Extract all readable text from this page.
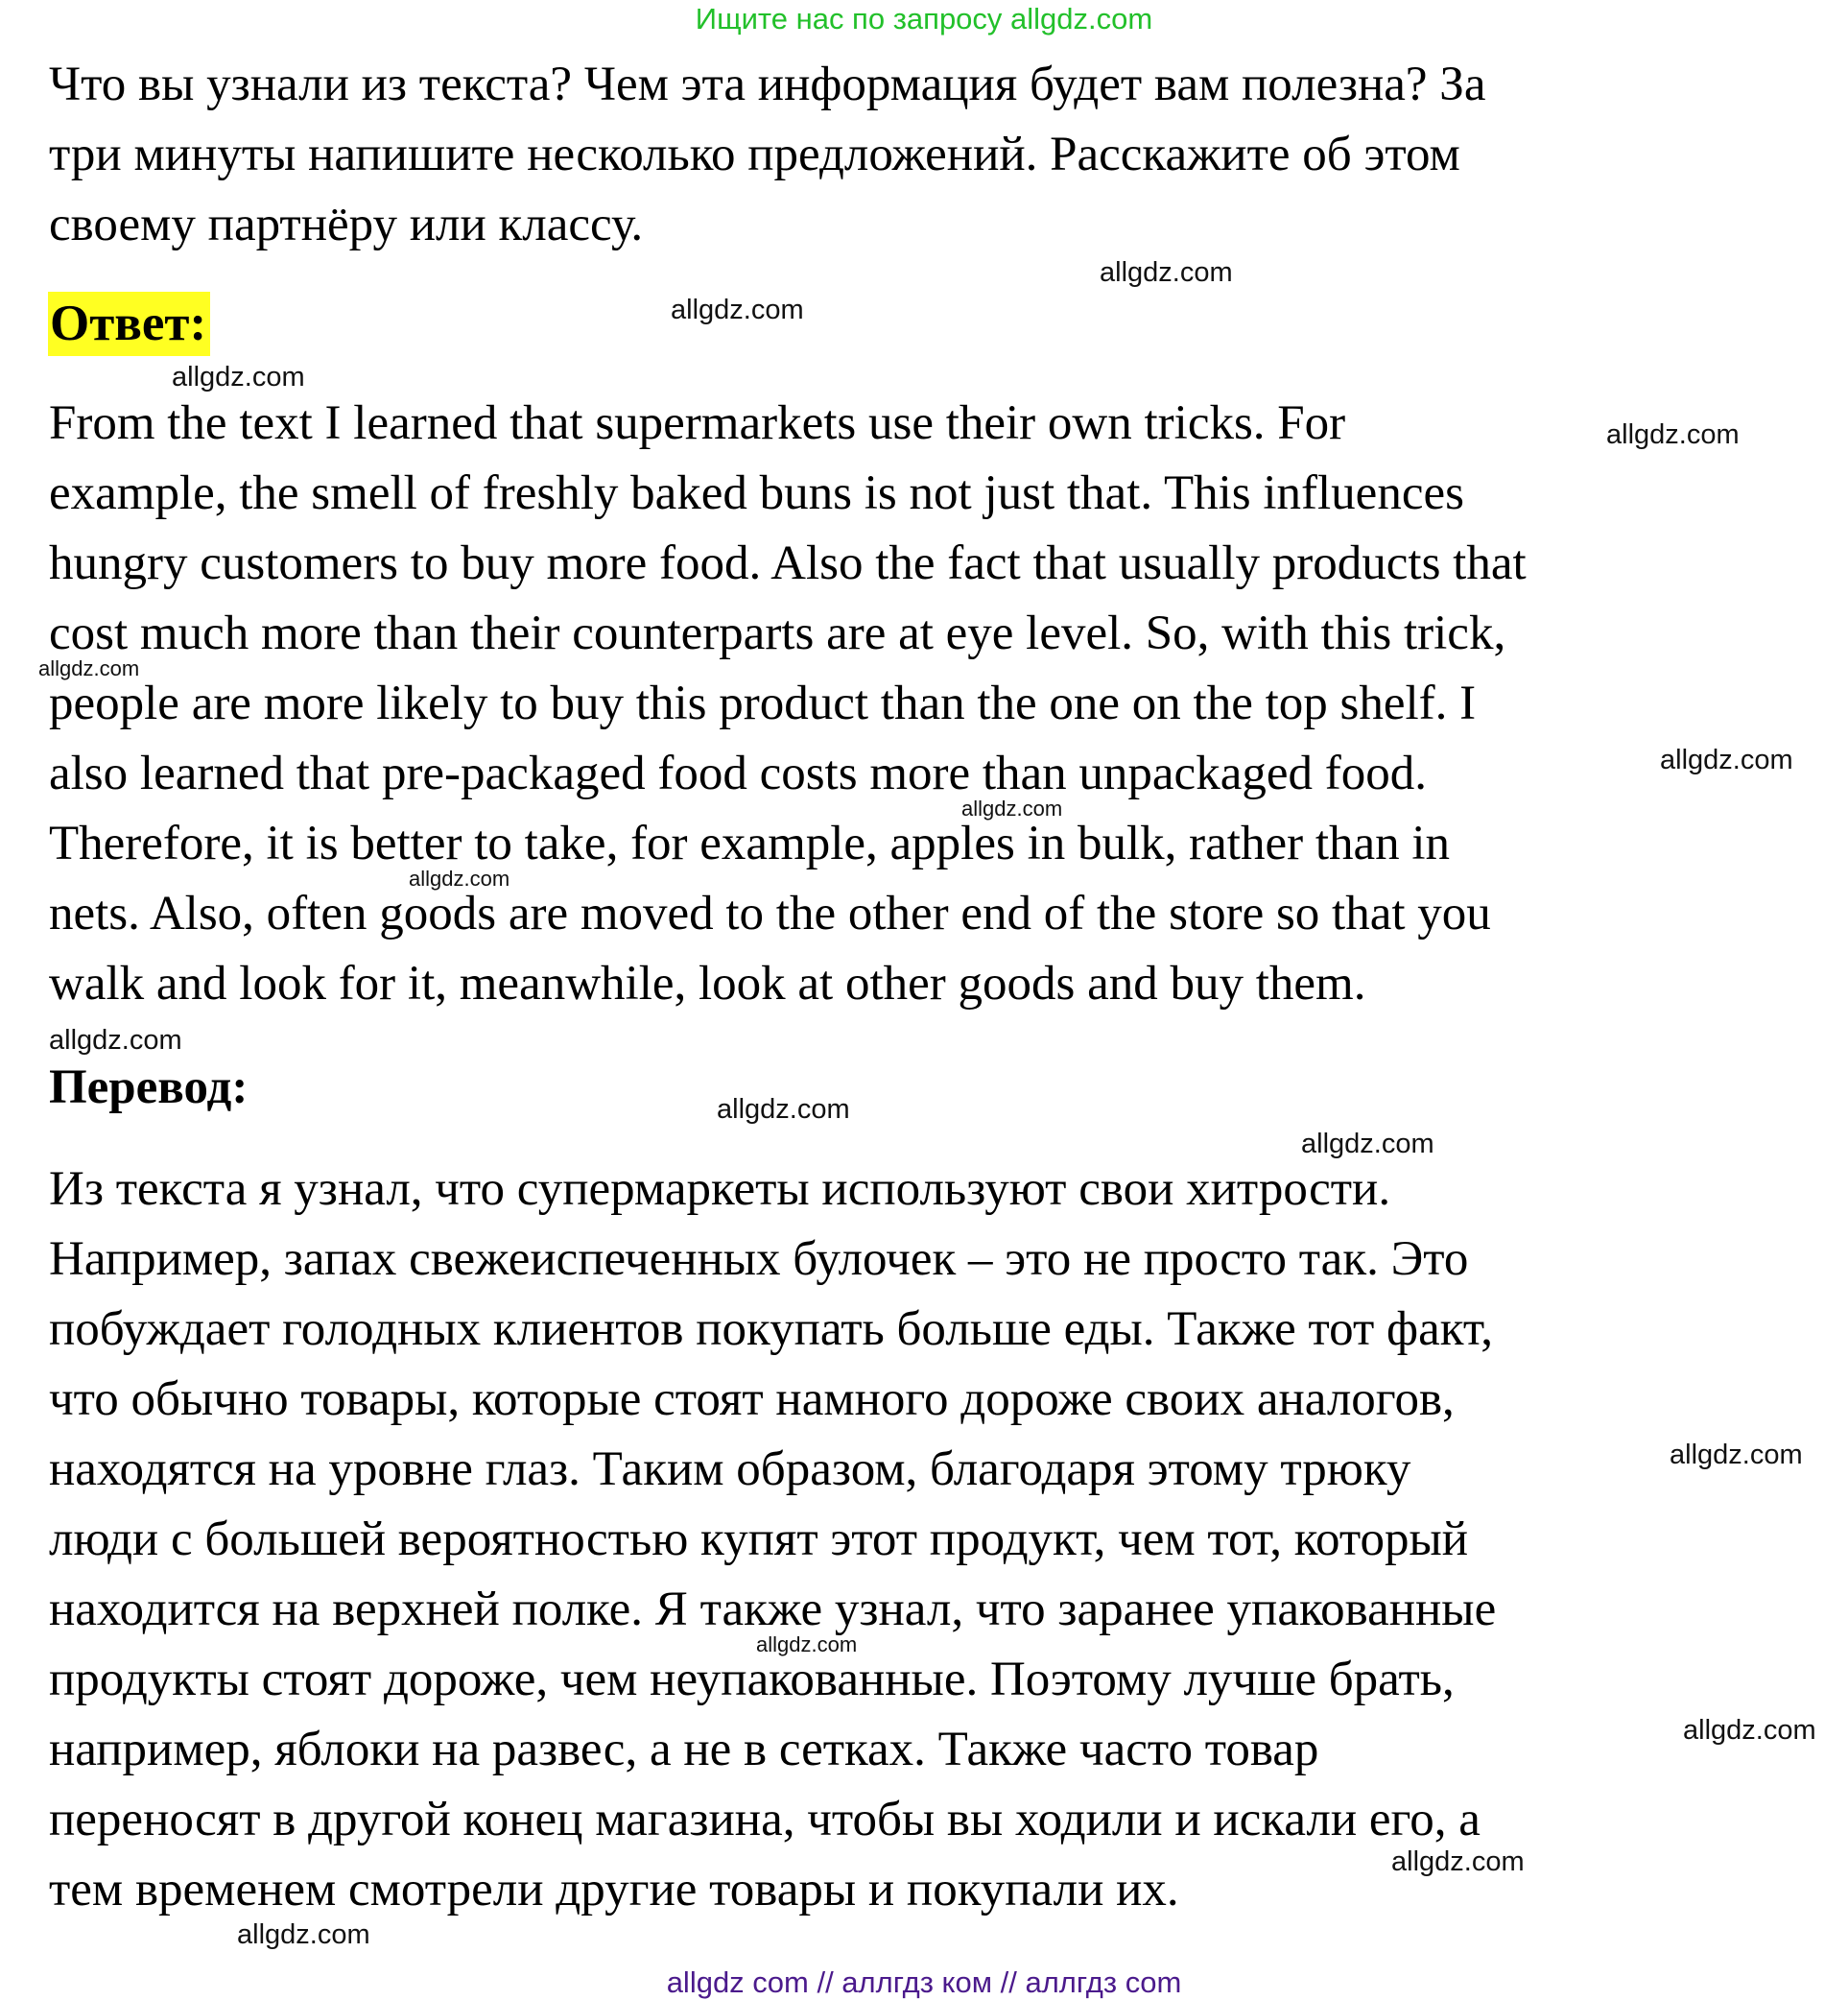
Ищите нас по запросу allgdz.com
Что вы узнали из текста? Чем эта информация будет вам полезна? За
три минуты напишите несколько предложений. Расскажите об этом
своему партнёру или классу.
Ответ:
From the text I learned that supermarkets use their own tricks. For
example, the smell of freshly baked buns is not just that. This influences
hungry customers to buy more food. Also the fact that usually products that
cost much more than their counterparts are at eye level. So, with this trick,
people are more likely to buy this product than the one on the top shelf. I
also learned that pre-packaged food costs more than unpackaged food.
Therefore, it is better to take, for example, apples in bulk, rather than in
nets. Also, often goods are moved to the other end of the store so that you
walk and look for it, meanwhile, look at other goods and buy them.
Перевод:
Из текста я узнал, что супермаркеты используют свои хитрости.
Например, запах свежеиспеченных булочек – это не просто так. Это
побуждает голодных клиентов покупать больше еды. Также тот факт,
что обычно товары, которые стоят намного дороже своих аналогов,
находятся на уровне глаз. Таким образом, благодаря этому трюку
люди с большей вероятностью купят этот продукт, чем тот, который
находится на верхней полке. Я также узнал, что заранее упакованные
продукты стоят дороже, чем неупакованные. Поэтому лучше брать,
например, яблоки на развес, а не в сетках. Также часто товар
переносят в другой конец магазина, чтобы вы ходили и искали его, а
тем временем смотрели другие товары и покупали их.
allgdz.com
allgdz.com
allgdz.com
allgdz.com
allgdz.com
allgdz.com
allgdz.com
allgdz.com
allgdz.com
allgdz.com
allgdz.com
allgdz.com
allgdz.com
allgdz.com
allgdz.com
allgdz.com
allgdz com // аллгдз ком // аллгдз com
